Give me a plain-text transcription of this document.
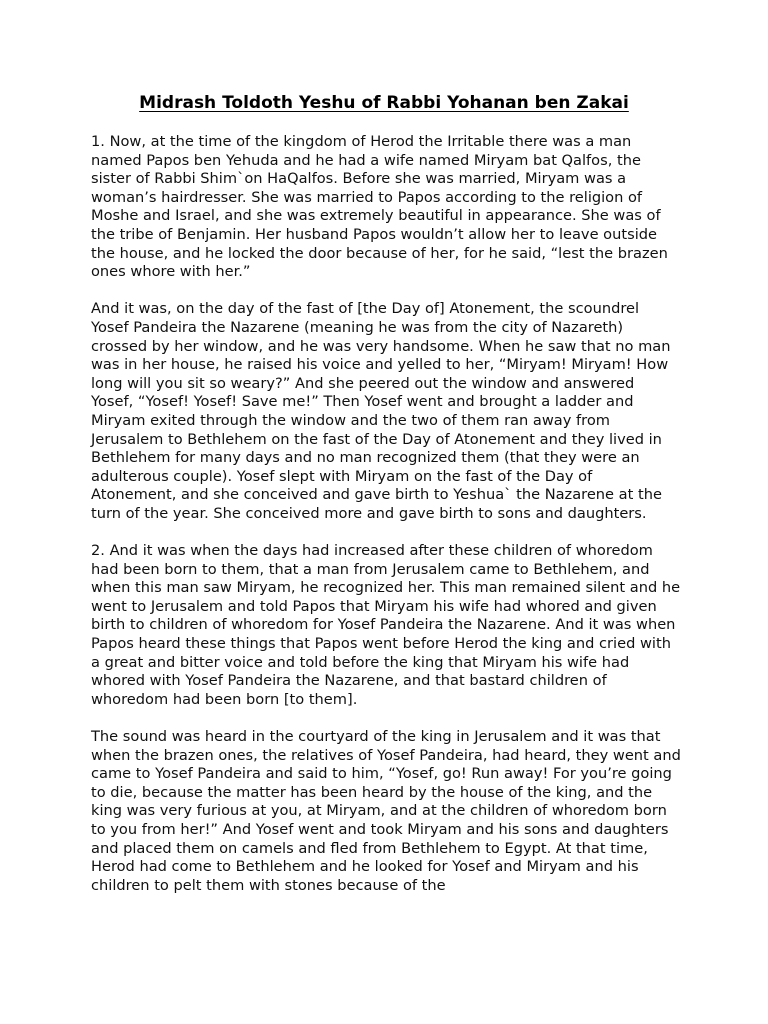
Midrash Toldoth Yeshu of Rabbi Yohanan ben Zakai

1. Now, at the time of the kingdom of Herod the Irritable there was a man named Papos ben Yehuda and he had a wife named Miryam bat Qalfos, the sister of Rabbi Shim`on HaQalfos. Before she was married, Miryam was a woman’s hairdresser. She was married to Papos according to the religion of Moshe and Israel, and she was extremely beautiful in appearance. She was of the tribe of Benjamin. Her husband Papos wouldn’t allow her to leave outside the house, and he locked the door because of her, for he said, “lest the brazen ones whore with her.”

And it was, on the day of the fast of [the Day of] Atonement, the scoundrel Yosef Pandeira the Nazarene (meaning he was from the city of Nazareth) crossed by her window, and he was very handsome. When he saw that no man was in her house, he raised his voice and yelled to her, “Miryam! Miryam! How long will you sit so weary?” And she peered out the window and answered Yosef, “Yosef! Yosef! Save me!” Then Yosef went and brought a ladder and Miryam exited through the window and the two of them ran away from Jerusalem to Bethlehem on the fast of the Day of Atonement and they lived in Bethlehem for many days and no man recognized them (that they were an adulterous couple). Yosef slept with Miryam on the fast of the Day of Atonement, and she conceived and gave birth to Yeshua` the Nazarene at the turn of the year. She conceived more and gave birth to sons and daughters.

2. And it was when the days had increased after these children of whoredom had been born to them, that a man from Jerusalem came to Bethlehem, and when this man saw Miryam, he recognized her. This man remained silent and he went to Jerusalem and told Papos that Miryam his wife had whored and given birth to children of whoredom for Yosef Pandeira the Nazarene. And it was when Papos heard these things that Papos went before Herod the king and cried with a great and bitter voice and told before the king that Miryam his wife had whored with Yosef Pandeira the Nazarene, and that bastard children of whoredom had been born [to them].

The sound was heard in the courtyard of the king in Jerusalem and it was that when the brazen ones, the relatives of Yosef Pandeira, had heard, they went and came to Yosef Pandeira and said to him, “Yosef, go! Run away! For you’re going to die, because the matter has been heard by the house of the king, and the king was very furious at you, at Miryam, and at the children of whoredom born to you from her!” And Yosef went and took Miryam and his sons and daughters and placed them on camels and fled from Bethlehem to Egypt. At that time, Herod had come to Bethlehem and he looked for Yosef and Miryam and his children to pelt them with stones because of the
